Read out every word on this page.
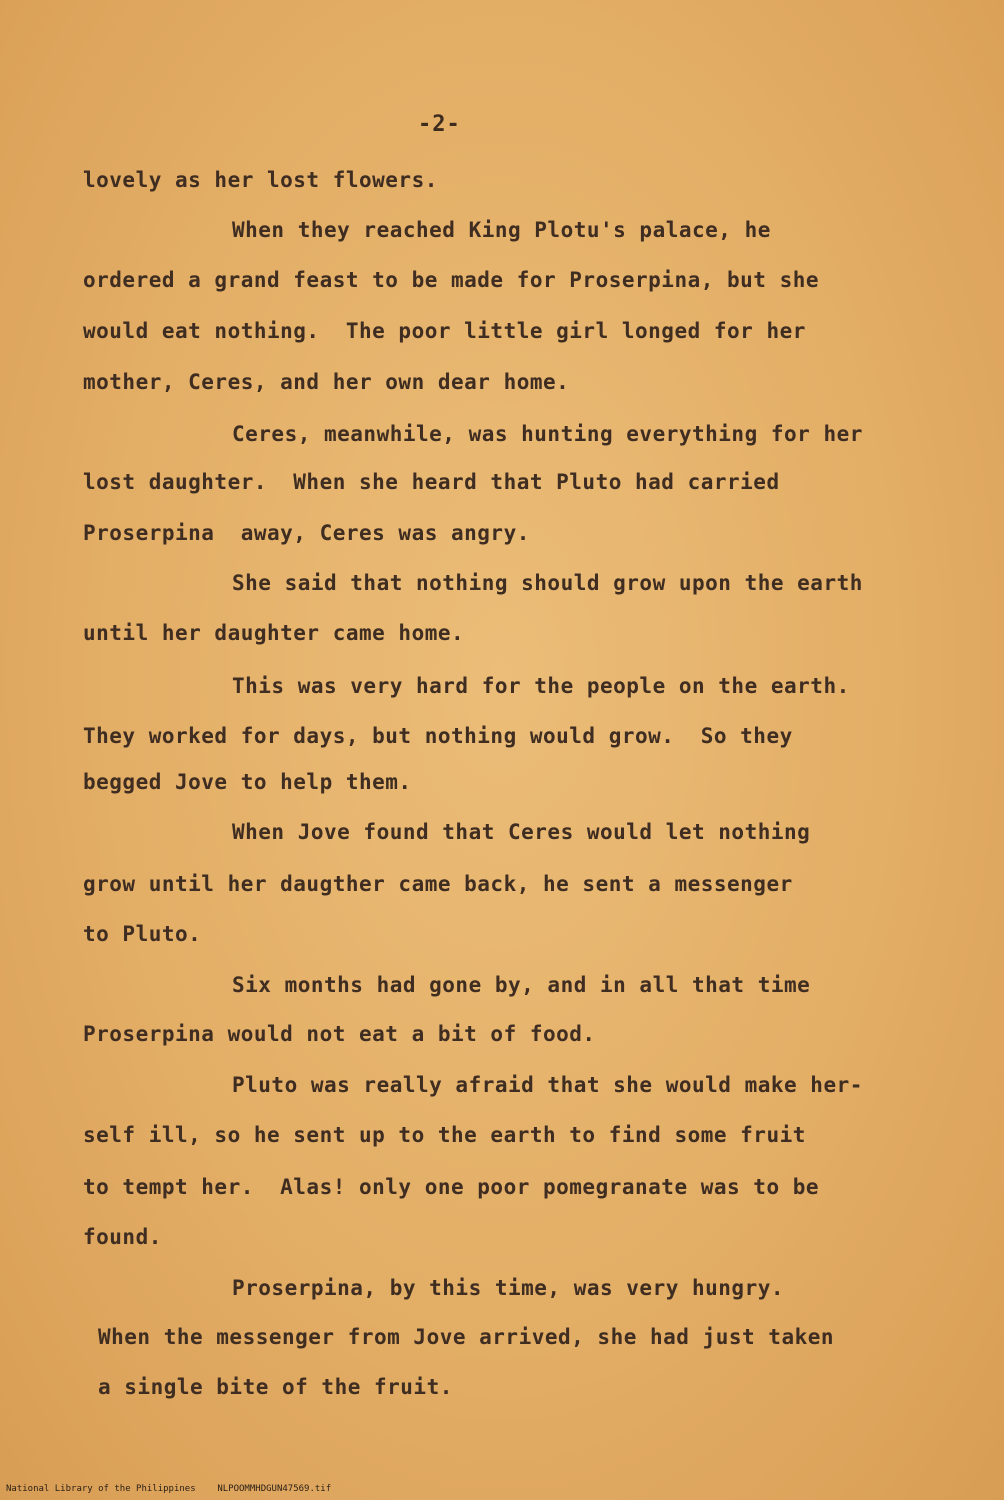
-2-
lovely as her lost flowers.
When they reached King Plotu's palace, he
ordered a grand feast to be made for Proserpina, but she
would eat nothing.  The poor little girl longed for her
mother, Ceres, and her own dear home.
Ceres, meanwhile, was hunting everything for her
lost daughter.  When she heard that Pluto had carried
Proserpina  away, Ceres was angry.
She said that nothing should grow upon the earth
until her daughter came home.
This was very hard for the people on the earth.
They worked for days, but nothing would grow.  So they
begged Jove to help them.
When Jove found that Ceres would let nothing
grow until her daugther came back, he sent a messenger
to Pluto.
Six months had gone by, and in all that time
Proserpina would not eat a bit of food.
Pluto was really afraid that she would make her-
self ill, so he sent up to the earth to find some fruit
to tempt her.  Alas! only one poor pomegranate was to be
found.
Proserpina, by this time, was very hungry.
When the messenger from Jove arrived, she had just taken
a single bite of the fruit.
National Library of the Philippines NLPOOMMHDGUN47569.tif
